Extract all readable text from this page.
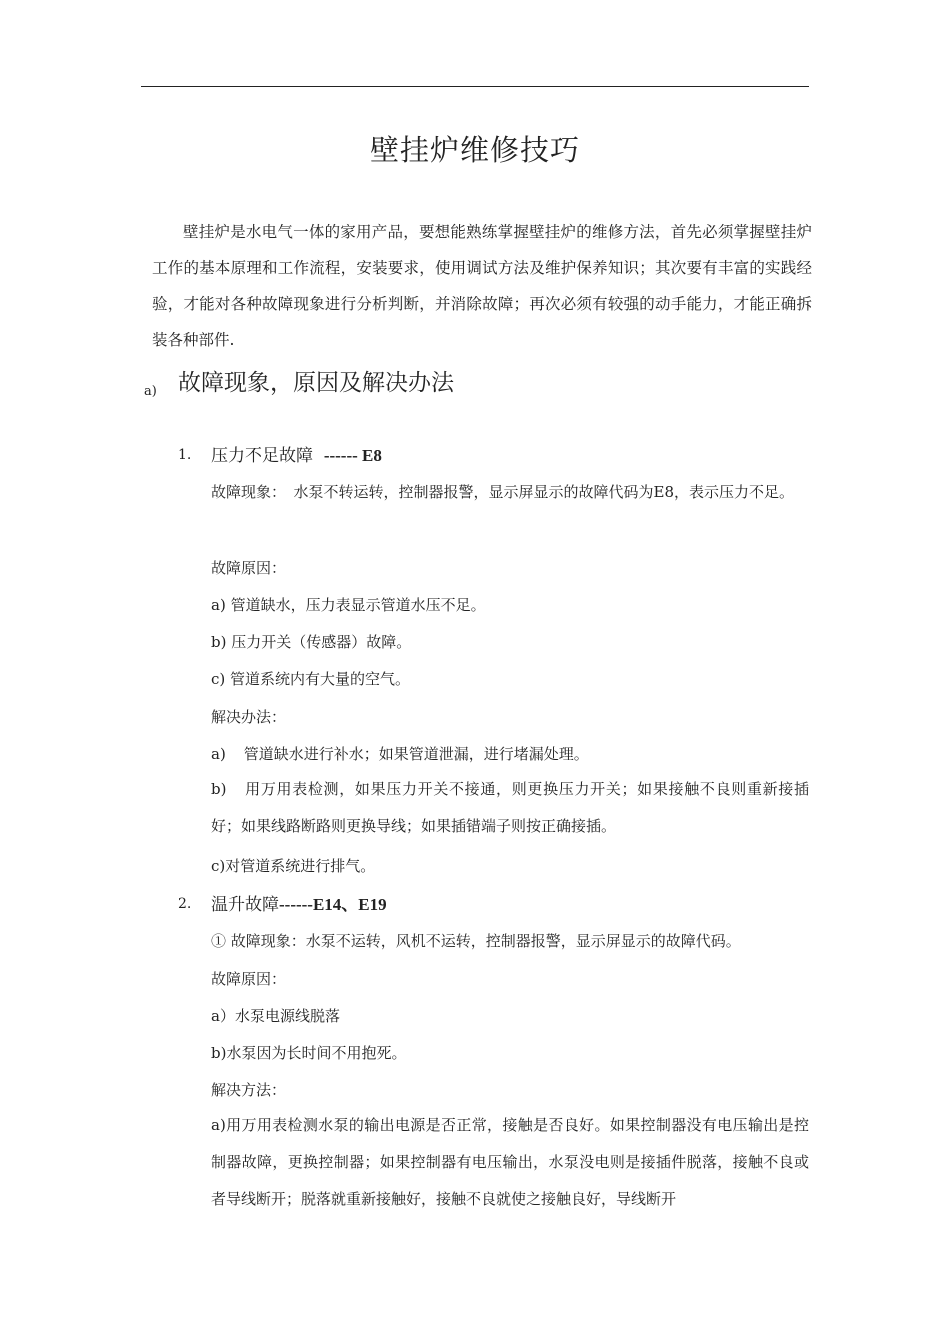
壁挂炉维修技巧
壁挂炉是水电气一体的家用产品，要想能熟练掌握壁挂炉的维修方法，首先必须掌握壁挂炉工作的基本原理和工作流程，安装要求，使用调试方法及维护保养知识；其次要有丰富的实践经验，才能对各种故障现象进行分析判断，并消除故障；再次必须有较强的动手能力，才能正确拆装各种部件.
a) 故障现象，原因及解决办法
1. 压力不足故障 ------ E8
故障现象：　水泵不转运转，控制器报警，显示屏显示的故障代码为E8，表示压力不足。
故障原因：
a) 管道缺水，压力表显示管道水压不足。
b) 压力开关（传感器）故障。
c) 管道系统内有大量的空气。
解决办法：
a) 管道缺水进行补水；如果管道泄漏，进行堵漏处理。
b) 用万用表检测，如果压力开关不接通，则更换压力开关；如果接触不良则重新接插好；如果线路断路则更换导线；如果插错端子则按正确接插。
c)对管道系统进行排气。
2. 温升故障------E14、E19
① 故障现象：水泵不运转，风机不运转，控制器报警，显示屏显示的故障代码。
故障原因：
a）水泵电源线脱落
b)水泵因为长时间不用抱死。
解决方法：
a)用万用表检测水泵的输出电源是否正常，接触是否良好。如果控制器没有电压输出是控制器故障，更换控制器；如果控制器有电压输出，水泵没电则是接插件脱落，接触不良或者导线断开；脱落就重新接触好，接触不良就使之接触良好，导线断开
